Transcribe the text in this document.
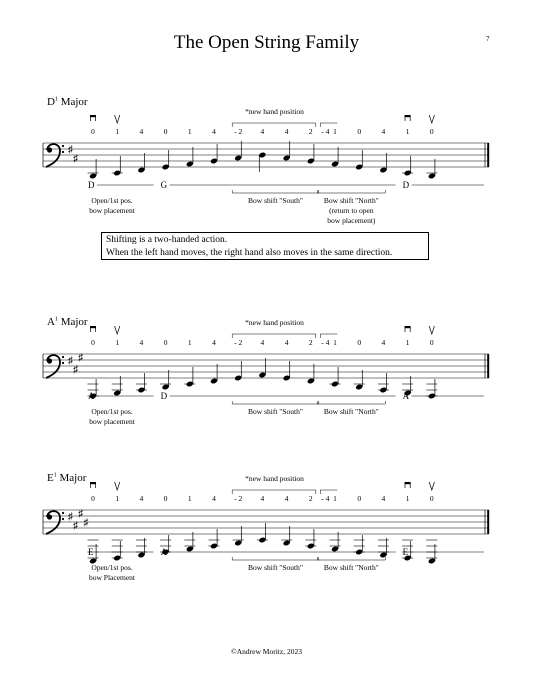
The Open String Family	7
$D^1$ Major
♯
♯
0	1	4	0	1	4 - 2 4	4	2 - 4 1	0	4	1	0
*new hand position
D	G	D
Open/1st pos.
bow placement
Bow shift "South"	Bow shift "North"
(return to open
bow placement)
Shifting is a two-handed action.
When the left hand moves, the right hand also moves in the same direction.
$A^1$ Major
♯
♯
♯
0	1	4	0	1	4 - 2 4	4	2 - 4 1	0	4	1	0
*new hand position
A	D	A
Open/1st pos.
bow placement
Bow shift "South"	Bow shift "North"
$E^1$ Major
♯
♯
♯
♯
0	1	4	0	1	4 - 2 4	4	2 - 4 1	0	4	1	0
*new hand position
E	A	E
Open/1st pos.
bow Placement
Bow shift "South"	Bow shift "North"
©Andrew Moritz, 2023
